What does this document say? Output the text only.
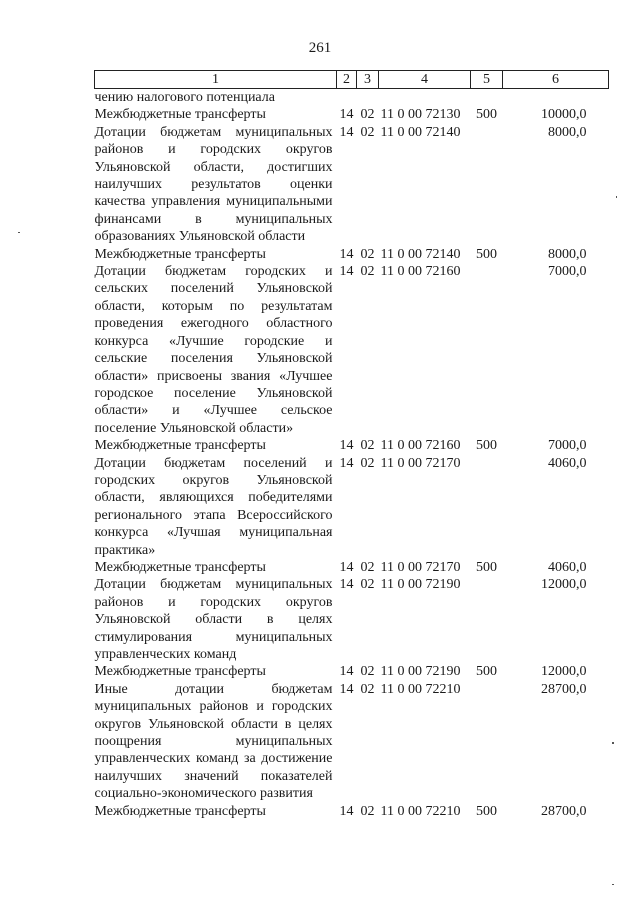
261
1	2	3	4	5	6
чению налогового потенциала					
Межбюджетные трансферты	14	02	11 0 00 72130	500	10000,0
Дотации бюджетам муниципальных районов и городских округов Ульяновской области, достигших наилучших результатов оценки качества управления муниципальными финансами в муниципальных образованиях Ульяновской области	14	02	11 0 00 72140		8000,0
Межбюджетные трансферты	14	02	11 0 00 72140	500	8000,0
Дотации бюджетам городских и сельских поселений Ульяновской области, которым по результатам проведения ежегодного областного конкурса «Лучшие городские и сельские поселения Ульяновской области» присвоены звания «Лучшее городское поселение Ульяновской области» и «Лучшее сельское поселение Ульяновской области»	14	02	11 0 00 72160		7000,0
Межбюджетные трансферты	14	02	11 0 00 72160	500	7000,0
Дотации бюджетам поселений и городских округов Ульяновской области, являющихся победителями регионального этапа Всероссийского конкурса «Лучшая муниципальная практика»	14	02	11 0 00 72170		4060,0
Межбюджетные трансферты	14	02	11 0 00 72170	500	4060,0
Дотации бюджетам муниципальных районов и городских округов Ульяновской области в целях стимулирования муниципальных управленческих команд	14	02	11 0 00 72190		12000,0
Межбюджетные трансферты	14	02	11 0 00 72190	500	12000,0
Иные дотации бюджетам муниципальных районов и городских округов Ульяновской области в целях поощрения муниципальных управленческих команд за достижение наилучших значений показателей социально-экономического развития	14	02	11 0 00 72210		28700,0
Межбюджетные трансферты	14	02	11 0 00 72210	500	28700,0
